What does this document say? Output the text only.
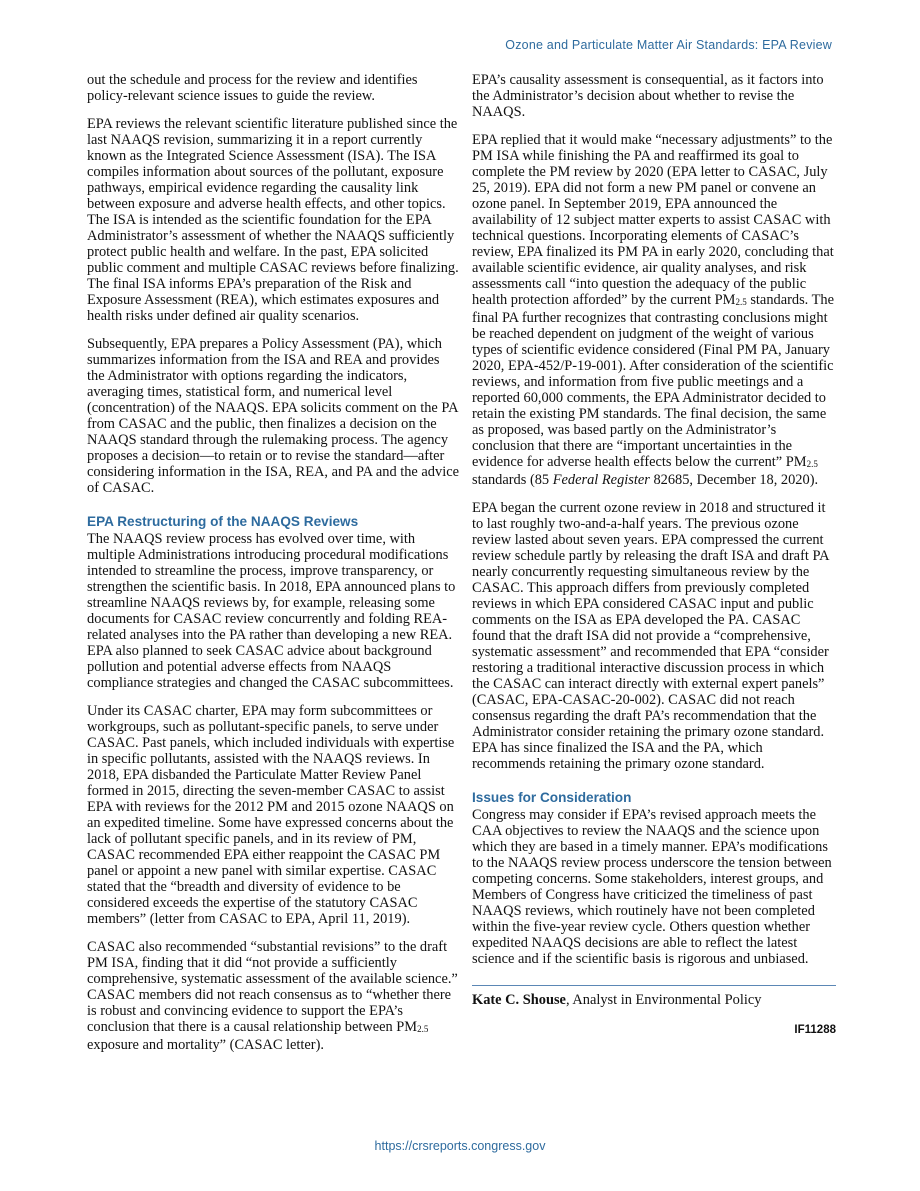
Ozone and Particulate Matter Air Standards: EPA Review

out the schedule and process for the review and identifies policy-relevant science issues to guide the review.

EPA reviews the relevant scientific literature published since the last NAAQS revision, summarizing it in a report currently known as the Integrated Science Assessment (ISA). The ISA compiles information about sources of the pollutant, exposure pathways, empirical evidence regarding the causality link between exposure and adverse health effects, and other topics. The ISA is intended as the scientific foundation for the EPA Administrator’s assessment of whether the NAAQS sufficiently protect public health and welfare. In the past, EPA solicited public comment and multiple CASAC reviews before finalizing. The final ISA informs EPA’s preparation of the Risk and Exposure Assessment (REA), which estimates exposures and health risks under defined air quality scenarios.

Subsequently, EPA prepares a Policy Assessment (PA), which summarizes information from the ISA and REA and provides the Administrator with options regarding the indicators, averaging times, statistical form, and numerical level (concentration) of the NAAQS. EPA solicits comment on the PA from CASAC and the public, then finalizes a decision on the NAAQS standard through the rulemaking process. The agency proposes a decision—to retain or to revise the standard—after considering information in the ISA, REA, and PA and the advice of CASAC.

EPA Restructuring of the NAAQS Reviews

The NAAQS review process has evolved over time, with multiple Administrations introducing procedural modifications intended to streamline the process, improve transparency, or strengthen the scientific basis. In 2018, EPA announced plans to streamline NAAQS reviews by, for example, releasing some documents for CASAC review concurrently and folding REA-related analyses into the PA rather than developing a new REA. EPA also planned to seek CASAC advice about background pollution and potential adverse effects from NAAQS compliance strategies and changed the CASAC subcommittees.

Under its CASAC charter, EPA may form subcommittees or workgroups, such as pollutant-specific panels, to serve under CASAC. Past panels, which included individuals with expertise in specific pollutants, assisted with the NAAQS reviews. In 2018, EPA disbanded the Particulate Matter Review Panel formed in 2015, directing the seven-member CASAC to assist EPA with reviews for the 2012 PM and 2015 ozone NAAQS on an expedited timeline. Some have expressed concerns about the lack of pollutant specific panels, and in its review of PM, CASAC recommended EPA either reappoint the CASAC PM panel or appoint a new panel with similar expertise. CASAC stated that the “breadth and diversity of evidence to be considered exceeds the expertise of the statutory CASAC members” (letter from CASAC to EPA, April 11, 2019).

CASAC also recommended “substantial revisions” to the draft PM ISA, finding that it did “not provide a sufficiently comprehensive, systematic assessment of the available science.” CASAC members did not reach consensus as to “whether there is robust and convincing evidence to support the EPA’s conclusion that there is a causal relationship between PM2.5 exposure and mortality” (CASAC letter).

EPA’s causality assessment is consequential, as it factors into the Administrator’s decision about whether to revise the NAAQS.

EPA replied that it would make “necessary adjustments” to the PM ISA while finishing the PA and reaffirmed its goal to complete the PM review by 2020 (EPA letter to CASAC, July 25, 2019). EPA did not form a new PM panel or convene an ozone panel. In September 2019, EPA announced the availability of 12 subject matter experts to assist CASAC with technical questions. Incorporating elements of CASAC’s review, EPA finalized its PM PA in early 2020, concluding that available scientific evidence, air quality analyses, and risk assessments call “into question the adequacy of the public health protection afforded” by the current PM2.5 standards. The final PA further recognizes that contrasting conclusions might be reached dependent on judgment of the weight of various types of scientific evidence considered (Final PM PA, January 2020, EPA-452/P-19-001). After consideration of the scientific reviews, and information from five public meetings and a reported 60,000 comments, the EPA Administrator decided to retain the existing PM standards. The final decision, the same as proposed, was based partly on the Administrator’s conclusion that there are “important uncertainties in the evidence for adverse health effects below the current” PM2.5 standards (85 Federal Register 82685, December 18, 2020).

EPA began the current ozone review in 2018 and structured it to last roughly two-and-a-half years. The previous ozone review lasted about seven years. EPA compressed the current review schedule partly by releasing the draft ISA and draft PA nearly concurrently requesting simultaneous review by the CASAC. This approach differs from previously completed reviews in which EPA considered CASAC input and public comments on the ISA as EPA developed the PA. CASAC found that the draft ISA did not provide a “comprehensive, systematic assessment” and recommended that EPA “consider restoring a traditional interactive discussion process in which the CASAC can interact directly with external expert panels” (CASAC, EPA-CASAC-20-002). CASAC did not reach consensus regarding the draft PA’s recommendation that the Administrator consider retaining the primary ozone standard. EPA has since finalized the ISA and the PA, which recommends retaining the primary ozone standard.

Issues for Consideration

Congress may consider if EPA’s revised approach meets the CAA objectives to review the NAAQS and the science upon which they are based in a timely manner. EPA’s modifications to the NAAQS review process underscore the tension between competing concerns. Some stakeholders, interest groups, and Members of Congress have criticized the timeliness of past NAAQS reviews, which routinely have not been completed within the five-year review cycle. Others question whether expedited NAAQS decisions are able to reflect the latest science and if the scientific basis is rigorous and unbiased.

Kate C. Shouse, Analyst in Environmental Policy

IF11288
https://crsreports.congress.gov
